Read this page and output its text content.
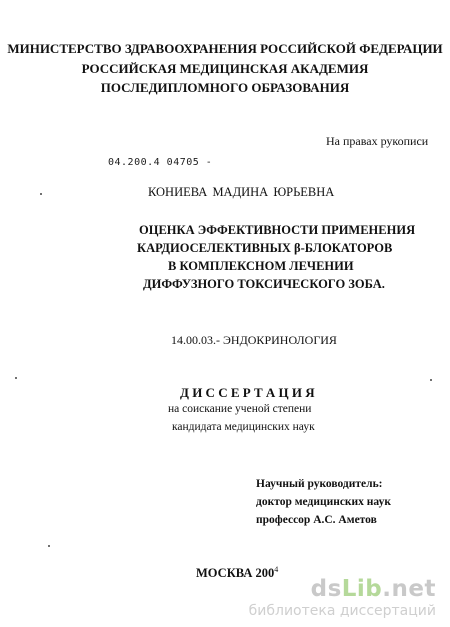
МИНИСТЕРСТВО ЗДРАВООХРАНЕНИЯ РОССИЙСКОЙ ФЕДЕРАЦИИ
РОССИЙСКАЯ МЕДИЦИНСКАЯ АКАДЕМИЯ
ПОСЛЕДИПЛОМНОГО ОБРАЗОВАНИЯ
На правах рукописи
04.200.4 04705 -
КОНИЕВА МАДИНА ЮРЬЕВНА
ОЦЕНКА ЭФФЕКТИВНОСТИ ПРИМЕНЕНИЯ
КАРДИОСЕЛЕКТИВНЫХ β-БЛОКАТОРОВ
В КОМПЛЕКСНОМ ЛЕЧЕНИИ
ДИФФУЗНОГО ТОКСИЧЕСКОГО ЗОБА.
14.00.03.- ЭНДОКРИНОЛОГИЯ
Д И С С Е Р Т А Ц И Я
на соискание ученой степени
кандидата медицинских наук
Научный руководитель:
доктор медицинских наук
профессор А.С. Аметов
МОСКВА $200^4$
dsLib.net
библиотека диссертаций
